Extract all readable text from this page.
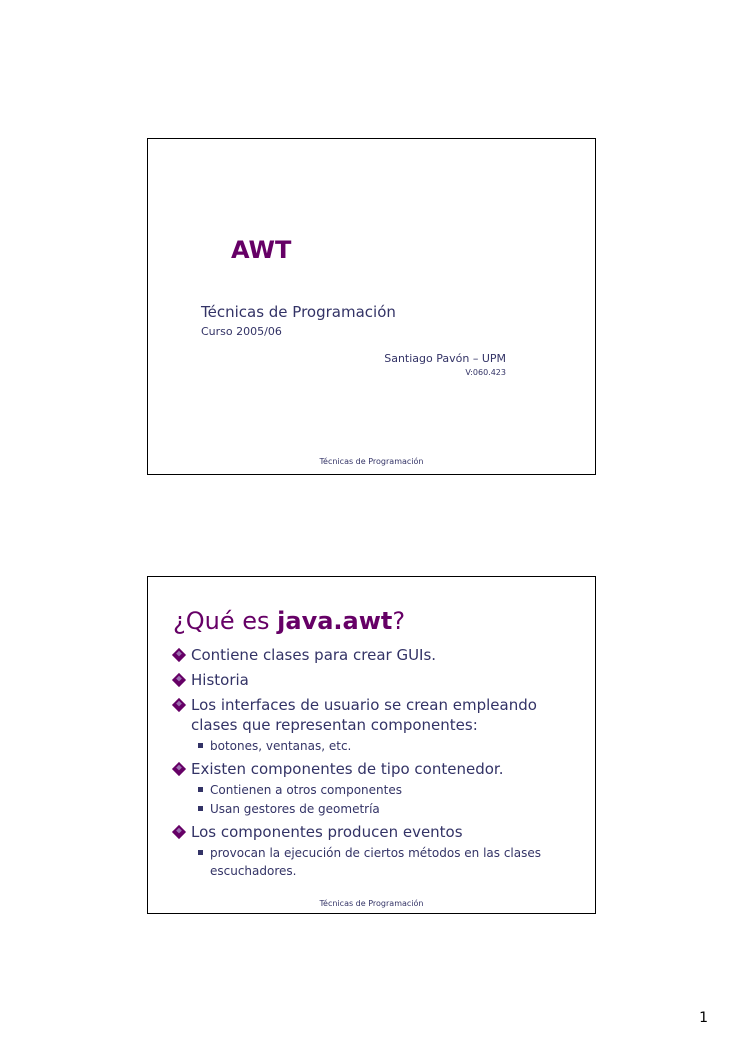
AWT
Técnicas de Programación
Curso 2005/06
Santiago Pavón – UPM
V:060.423
Técnicas de Programación
¿Qué es java.awt?
Contiene clases para crear GUIs.
Historia
Los interfaces de usuario se crean empleando clases que representan componentes:
botones, ventanas, etc.
Existen componentes de tipo contenedor.
Contienen a otros componentes
Usan gestores de geometría
Los componentes producen eventos
provocan la ejecución de ciertos métodos en las clases escuchadores.
Técnicas de Programación
1
